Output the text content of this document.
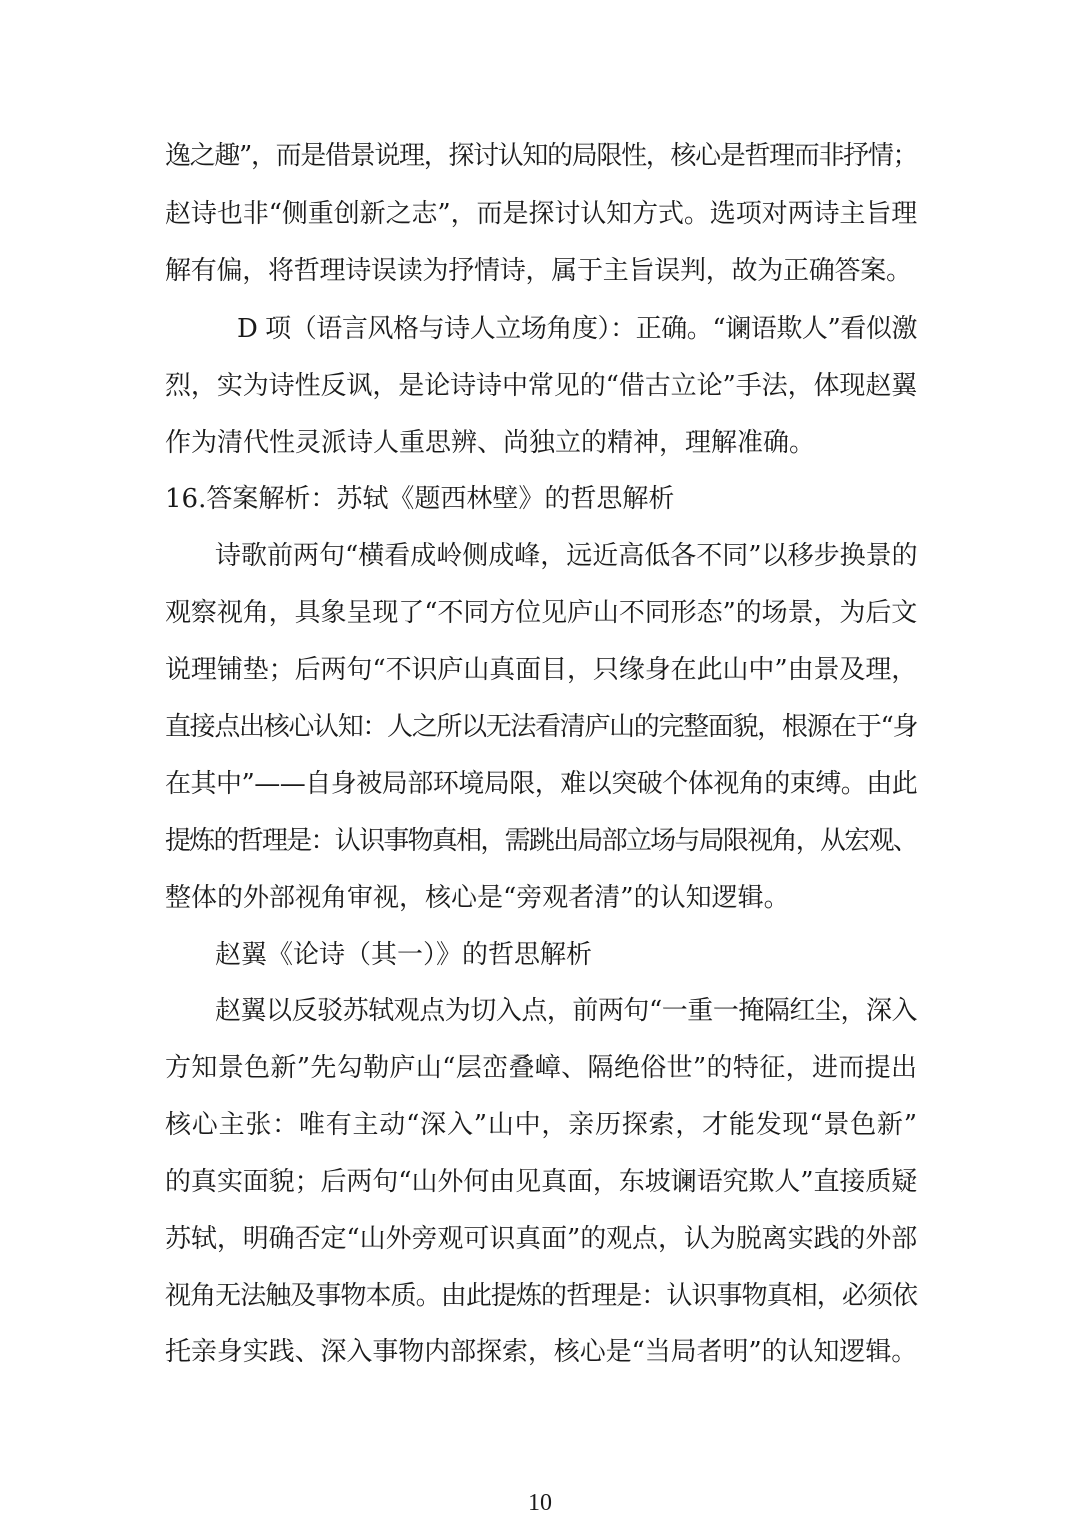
逸之趣”，而是借景说理，探讨认知的局限性，核心是哲理而非抒情；
赵诗也非“侧重创新之志”，而是探讨认知方式。选项对两诗主旨理
解有偏，将哲理诗误读为抒情诗，属于主旨误判，故为正确答案。
D 项（语言风格与诗人立场角度）：正确。“谰语欺人”看似激
烈，实为诗性反讽，是论诗诗中常见的“借古立论”手法，体现赵翼
作为清代性灵派诗人重思辨、尚独立的精神，理解准确。
16.答案解析：苏轼《题西林壁》的哲思解析
诗歌前两句“横看成岭侧成峰，远近高低各不同”以移步换景的
观察视角，具象呈现了“不同方位见庐山不同形态”的场景，为后文
说理铺垫；后两句“不识庐山真面目，只缘身在此山中”由景及理，
直接点出核心认知：人之所以无法看清庐山的完整面貌，根源在于“身
在其中”——自身被局部环境局限，难以突破个体视角的束缚。由此
提炼的哲理是：认识事物真相，需跳出局部立场与局限视角，从宏观、
整体的外部视角审视，核心是“旁观者清”的认知逻辑。
赵翼《论诗（其一）》的哲思解析
赵翼以反驳苏轼观点为切入点，前两句“一重一掩隔红尘，深入
方知景色新”先勾勒庐山“层峦叠嶂、隔绝俗世”的特征，进而提出
核心主张：唯有主动“深入”山中，亲历探索，才能发现“景色新”
的真实面貌；后两句“山外何由见真面，东坡谰语究欺人”直接质疑
苏轼，明确否定“山外旁观可识真面”的观点，认为脱离实践的外部
视角无法触及事物本质。由此提炼的哲理是：认识事物真相，必须依
托亲身实践、深入事物内部探索，核心是“当局者明”的认知逻辑。
10
